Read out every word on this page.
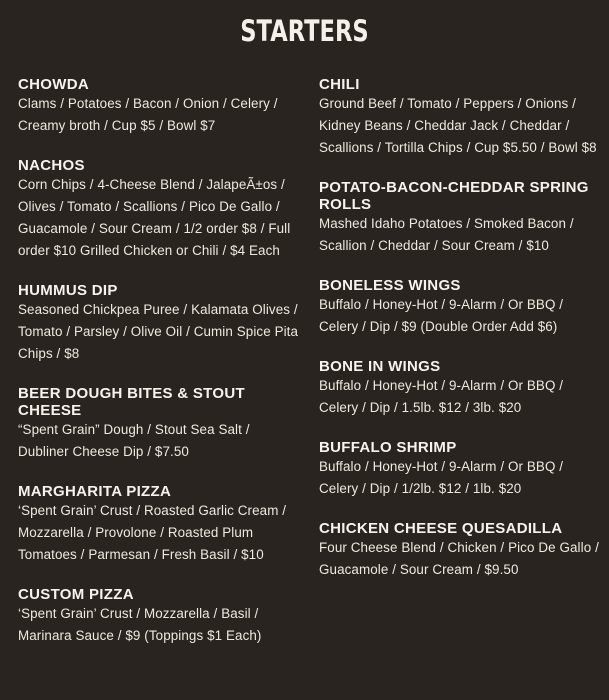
STARTERS
CHOWDA
Clams / Potatoes / Bacon / Onion / Celery / Creamy broth / Cup $5 / Bowl $7
NACHOS
Corn Chips / 4-Cheese Blend / JalapeÃ±os / Olives / Tomato / Scallions / Pico De Gallo / Guacamole / Sour Cream / 1/2 order $8 / Full order $10 Grilled Chicken or Chili / $4 Each
HUMMUS DIP
Seasoned Chickpea Puree / Kalamata Olives / Tomato / Parsley / Olive Oil / Cumin Spice Pita Chips / $8
BEER DOUGH BITES & STOUT CHEESE
“Spent Grain” Dough / Stout Sea Salt / Dubliner Cheese Dip / $7.50
MARGHARITA PIZZA
‘Spent Grain’ Crust / Roasted Garlic Cream / Mozzarella / Provolone / Roasted Plum Tomatoes / Parmesan / Fresh Basil / $10
CUSTOM PIZZA
‘Spent Grain’ Crust / Mozzarella / Basil / Marinara Sauce / $9 (Toppings $1 Each)
CHILI
Ground Beef / Tomato / Peppers / Onions / Kidney Beans / Cheddar Jack / Cheddar / Scallions / Tortilla Chips / Cup $5.50 / Bowl $8
POTATO-BACON-CHEDDAR SPRING ROLLS
Mashed Idaho Potatoes / Smoked Bacon / Scallion / Cheddar / Sour Cream / $10
BONELESS WINGS
Buffalo / Honey-Hot / 9-Alarm / Or BBQ / Celery / Dip / $9 (Double Order Add $6)
BONE IN WINGS
Buffalo / Honey-Hot / 9-Alarm / Or BBQ / Celery / Dip / 1.5lb. $12 / 3lb. $20
BUFFALO SHRIMP
Buffalo / Honey-Hot / 9-Alarm / Or BBQ / Celery / Dip / 1/2lb. $12 / 1lb. $20
CHICKEN CHEESE QUESADILLA
Four Cheese Blend / Chicken / Pico De Gallo / Guacamole / Sour Cream / $9.50
